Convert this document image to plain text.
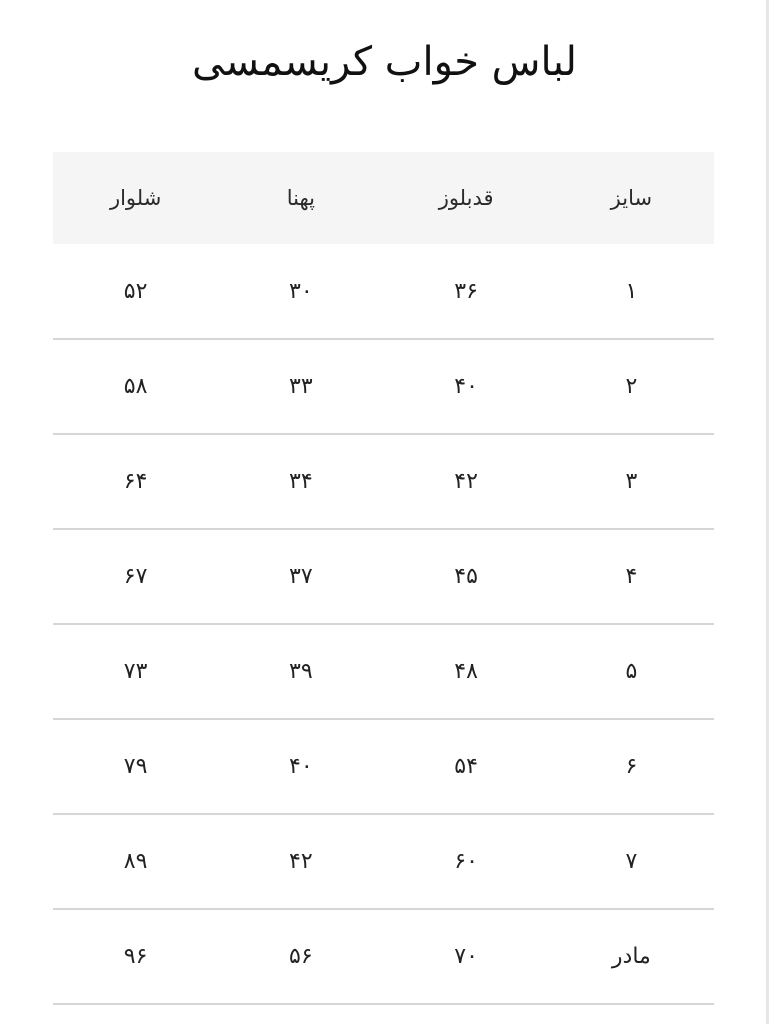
لباس خواب کریسمسی
سایز	قدبلوز	پهنا	شلوار
۱	۳۶	۳۰	۵۲
۲	۴۰	۳۳	۵۸
۳	۴۲	۳۴	۶۴
۴	۴۵	۳۷	۶۷
۵	۴۸	۳۹	۷۳
۶	۵۴	۴۰	۷۹
۷	۶۰	۴۲	۸۹
مادر	۷۰	۵۶	۹۶
